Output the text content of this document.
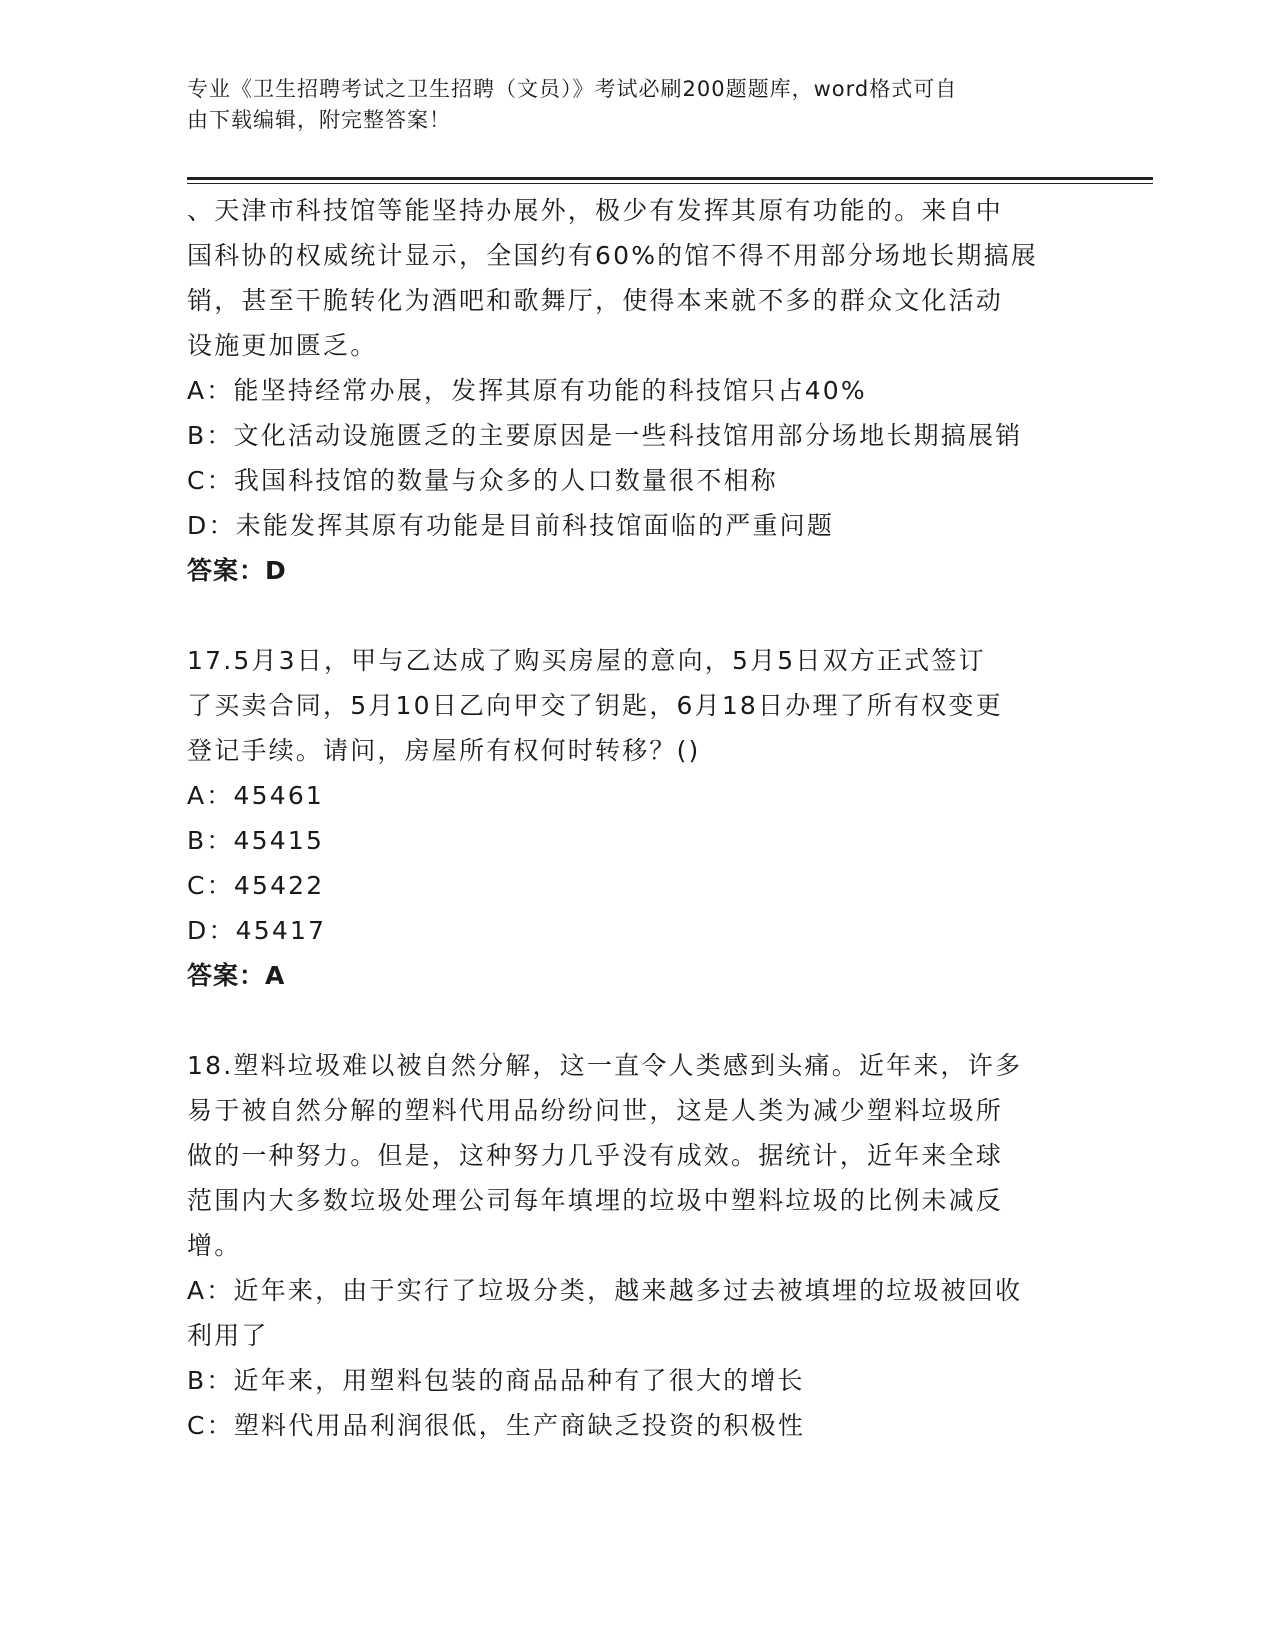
专业《卫生招聘考试之卫生招聘（文员）》考试必刷200题题库，word格式可自
由下载编辑，附完整答案！
、天津市科技馆等能坚持办展外，极少有发挥其原有功能的。来自中
国科协的权威统计显示，全国约有60%的馆不得不用部分场地长期搞展
销，甚至干脆转化为酒吧和歌舞厅，使得本来就不多的群众文化活动
设施更加匮乏。
A：能坚持经常办展，发挥其原有功能的科技馆只占40%
B：文化活动设施匮乏的主要原因是一些科技馆用部分场地长期搞展销
C：我国科技馆的数量与众多的人口数量很不相称
D：未能发挥其原有功能是目前科技馆面临的严重问题
答案：D
17.5月3日，甲与乙达成了购买房屋的意向，5月5日双方正式签订
了买卖合同，5月10日乙向甲交了钥匙，6月18日办理了所有权变更
登记手续。请问，房屋所有权何时转移？()
A：45461
B：45415
C：45422
D：45417
答案：A
18.塑料垃圾难以被自然分解，这一直令人类感到头痛。近年来，许多
易于被自然分解的塑料代用品纷纷问世，这是人类为减少塑料垃圾所
做的一种努力。但是，这种努力几乎没有成效。据统计，近年来全球
范围内大多数垃圾处理公司每年填埋的垃圾中塑料垃圾的比例未减反
增。
A：近年来，由于实行了垃圾分类，越来越多过去被填埋的垃圾被回收
利用了
B：近年来，用塑料包装的商品品种有了很大的增长
C：塑料代用品利润很低，生产商缺乏投资的积极性
